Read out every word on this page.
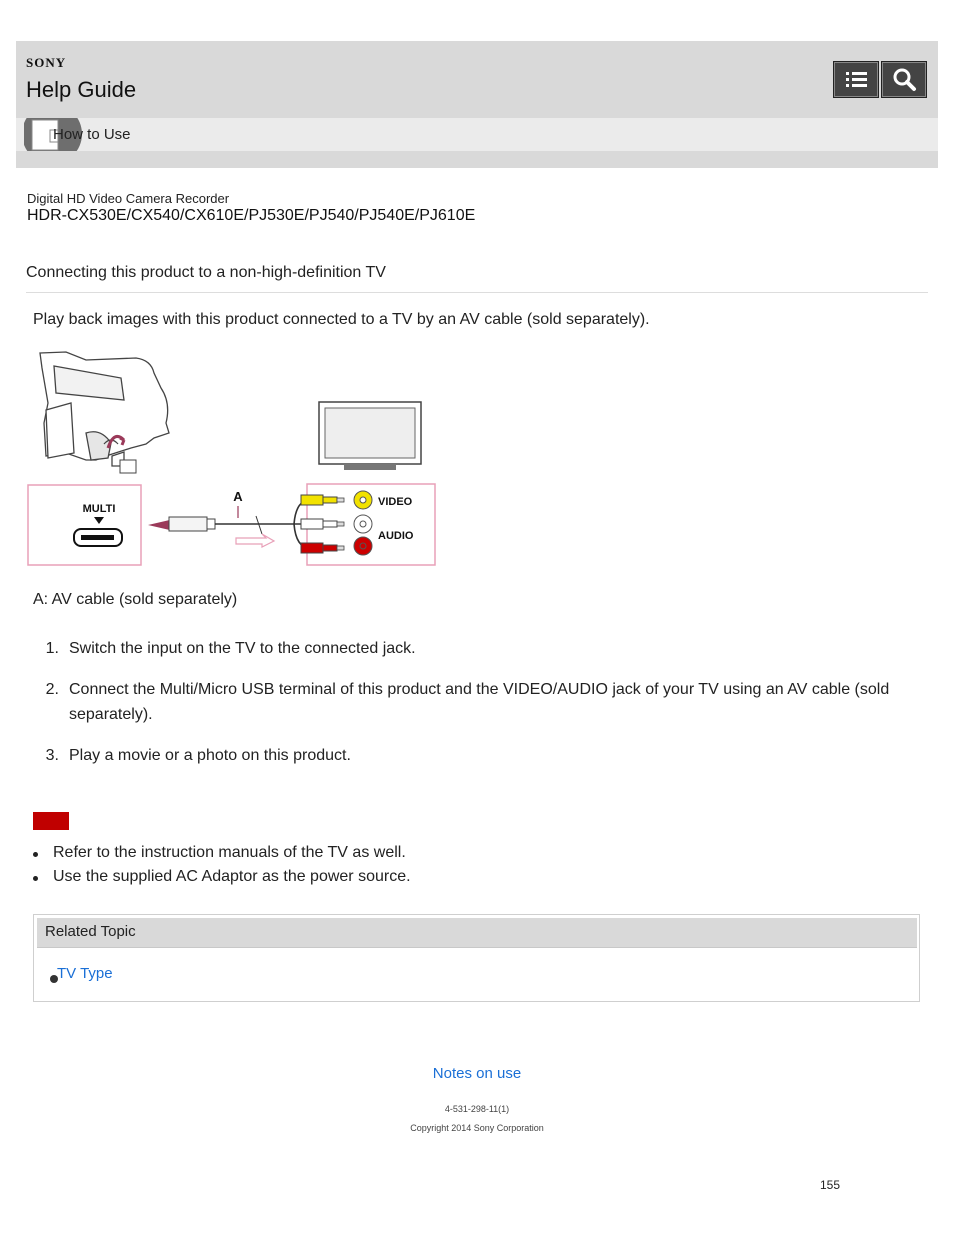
SONY
Help Guide
How to Use
Digital HD Video Camera Recorder
HDR-CX530E/CX540/CX610E/PJ530E/PJ540/PJ540E/PJ610E
Connecting this product to a non-high-definition TV
Play back images with this product connected to a TV by an AV cable (sold separately).
MULTI
A	VIDEO
AUDIO
A: AV cable (sold separately)
1. Switch the input on the TV to the connected jack.
2. Connect the Multi/Micro USB terminal of this product and the VIDEO/AUDIO jack of your TV using an AV cable (sold separately).
3. Play a movie or a photo on this product.
Refer to the instruction manuals of the TV as well.
Use the supplied AC Adaptor as the power source.
Related Topic
TV Type
Notes on use
4-531-298-11(1)
Copyright 2014 Sony Corporation
155
